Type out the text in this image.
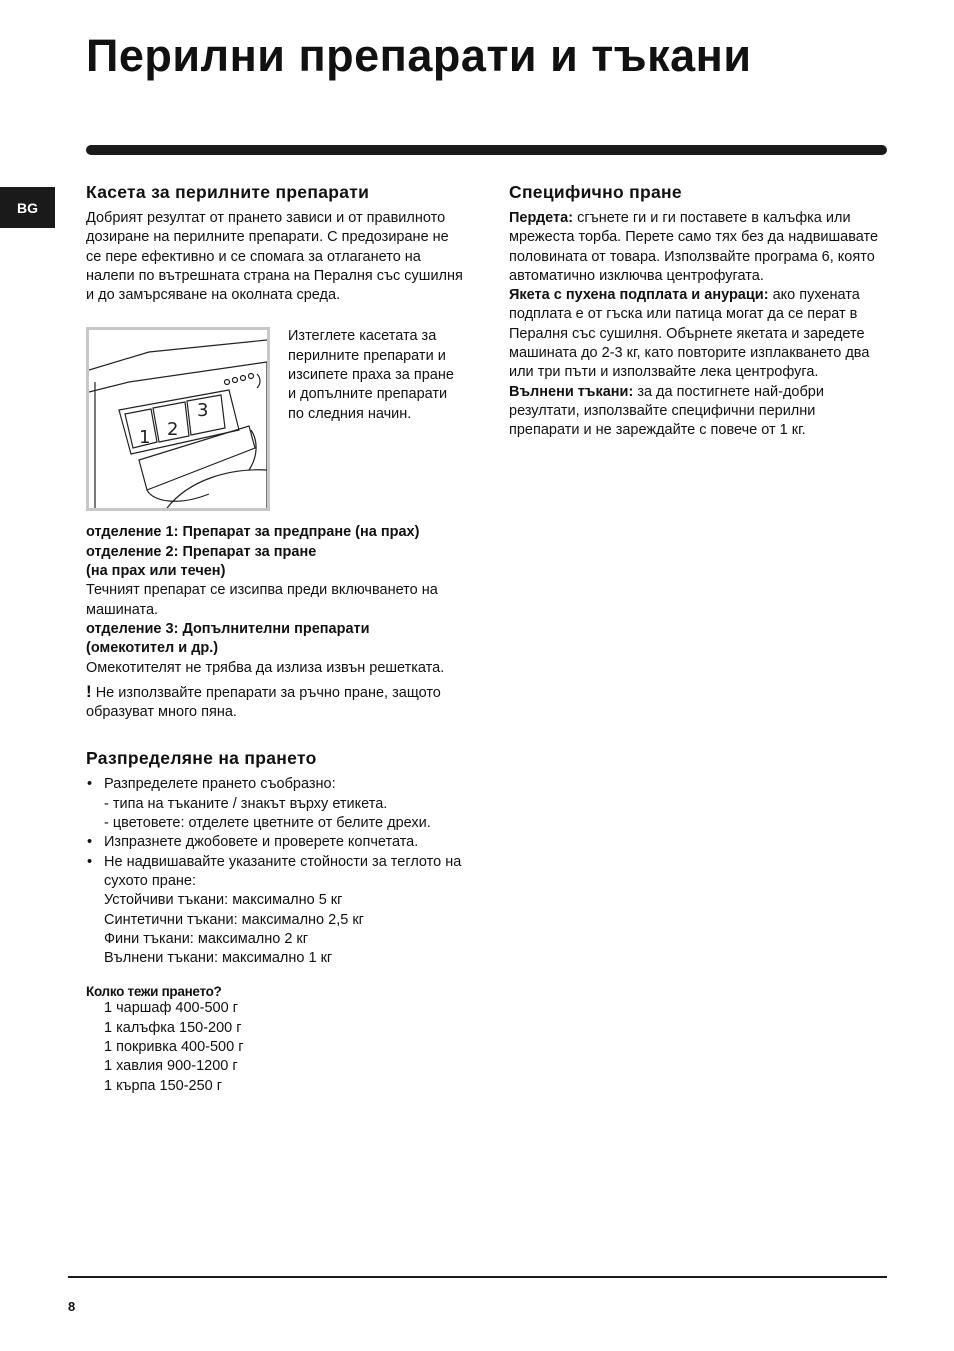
Перилни препарати и тъкани
BG
Касета за перилните препарати

Добрият резултат от прането зависи и от правилното дозиране на перилните препарати. С предозиране не се пере ефективно и се спомага за отлагането на налепи по вътрешната страна на Пералня със сушилня и до замърсяване на околната среда.

1 2
3
Изтеглете касетата за перилните препарати и изсипете праха за пране и допълните препарати по следния начин.

отделение 1: Препарат за предпране (на прах)

отделение 2: Препарат за пране

(на прах или течен)

Течният препарат се изсипва преди включването на машината.

отделение 3: Допълнителни препарати

(омекотител и др.)

Омекотителят не трябва да излиза извън решетката.

! Не използвайте препарати за ръчно пране, защото образуват много пяна.

Разпределяне на прането
• Разпределете прането съобразно:
- типа на тъканите / знакът върху етикета.
- цветовете: отделете цветните от белите дрехи.
• Изпразнете джобовете и проверете копчетата.
• Не надвишавайте указаните стойности за теглото на сухото пране:
Устойчиви тъкани: максимално 5 кг
Синтетични тъкани: максимално 2,5 кг
Фини тъкани: максимално 2 кг
Вълнени тъкани: максимално 1 кг
Колко тежи прането?
1 чаршаф 400-500 г
1 калъфка 150-200 г
1 покривка 400-500 г
1 хавлия 900-1200 г
1 кърпа 150-250 г
Специфично пране

Пердета: сгънете ги и ги поставете в калъфка или мрежеста торба. Перете само тях без да надвишавате половината от товара. Използвайте програма 6, която автоматично изключва центрофугата.

Якета с пухена подплата и анураци: ако пухената подплата е от гъска или патица могат да се перат в Пералня със сушилня. Обърнете якетата и заредете машината до 2-3 кг, като повторите изплакването два или три пъти и използвайте лека центрофуга.

Вълнени тъкани: за да постигнете най-добри резултати, използвайте специфични перилни препарати и не зареждайте с повече от 1 кг.

8
